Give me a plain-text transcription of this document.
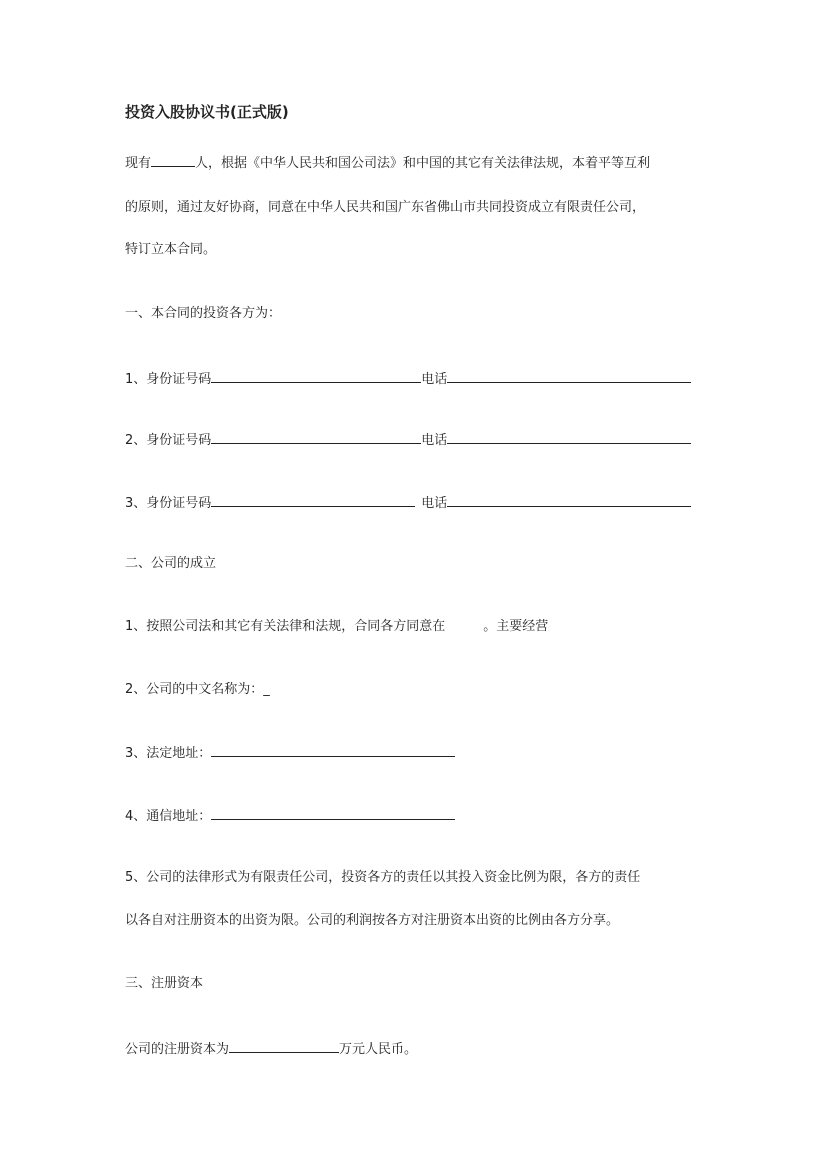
投资入股协议书(正式版)
现有	人，根据《中华人民共和国公司法》和中国的其它有关法律法规，本着平等互利
的原则，通过友好协商，同意在中华人民共和国广东省佛山市共同投资成立有限责任公司，
特订立本合同。
一、本合同的投资各方为：
1、身份证号码	电话
2、身份证号码	电话
3、身份证号码	电话
二、公司的成立
1、按照公司法和其它有关法律和法规，合同各方同意在	。主要经营
2、公司的中文名称为：_
3、法定地址：
4、通信地址：
5、公司的法律形式为有限责任公司，投资各方的责任以其投入资金比例为限，各方的责任
以各自对注册资本的出资为限。公司的利润按各方对注册资本出资的比例由各方分享。
三、注册资本
公司的注册资本为	万元人民币。
